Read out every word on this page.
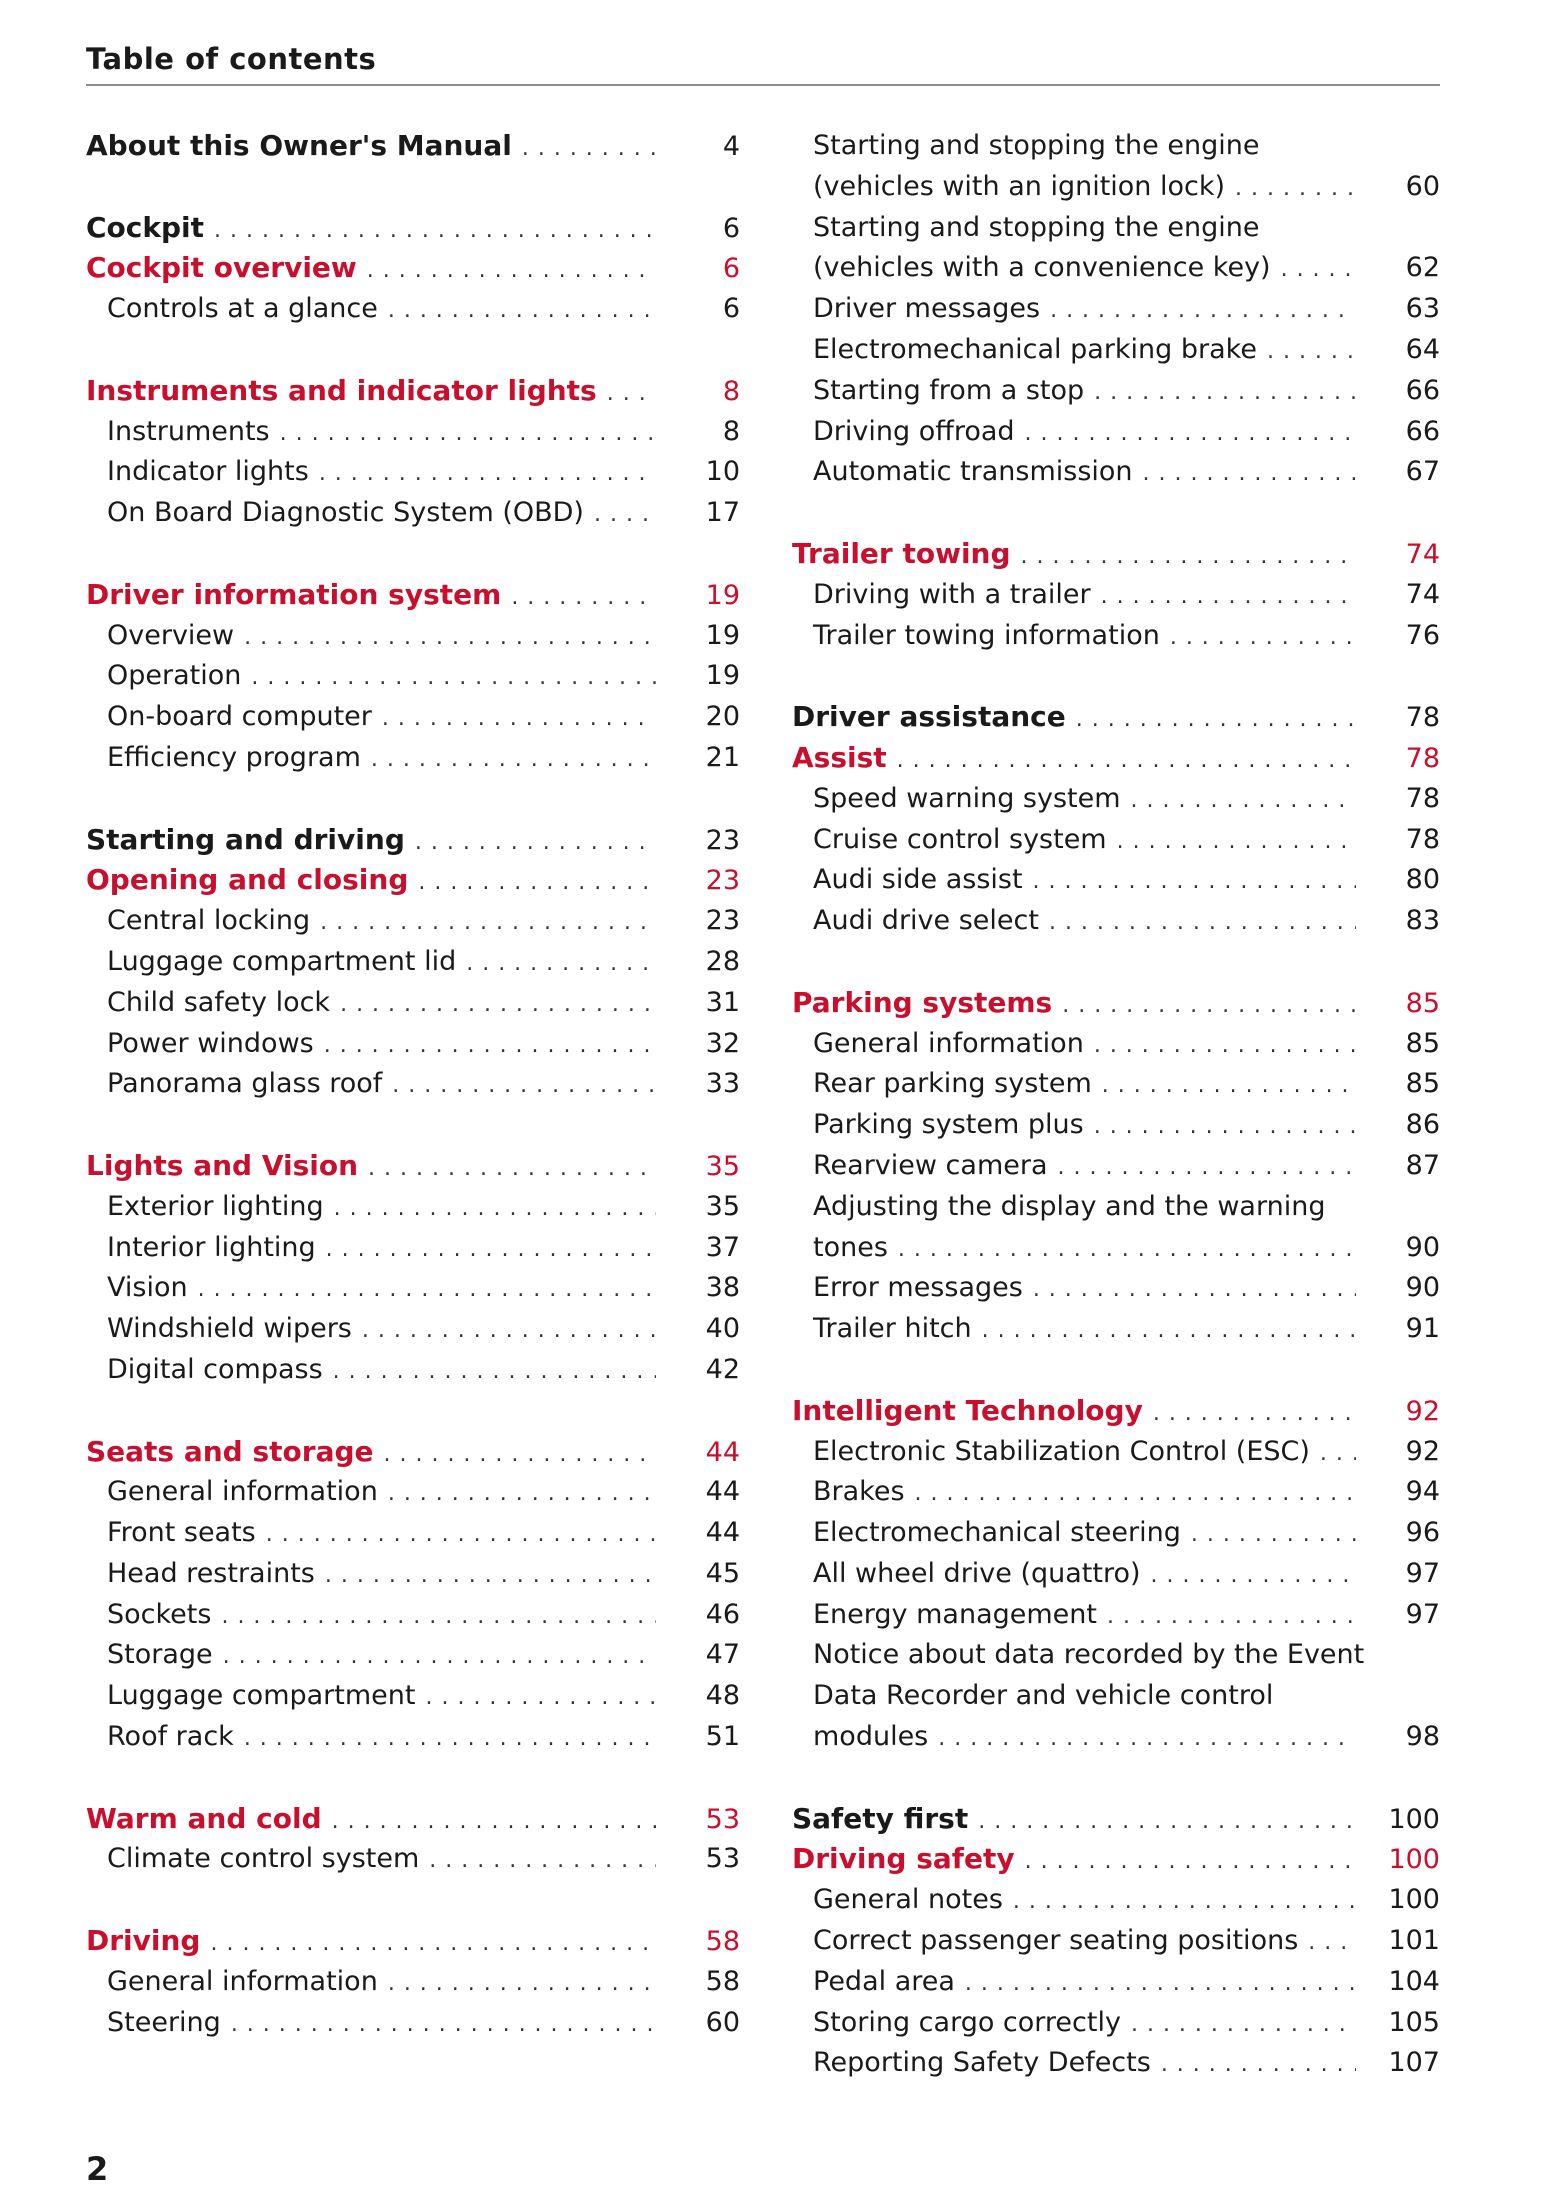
Table of contents
About this Owner's Manual . . .	4
Cockpit . . .	6
Cockpit overview . . .	6
Controls at a glance . . .	6
Instruments and indicator lights . . .	8
Instruments . . .	8
Indicator lights . . .	10
On Board Diagnostic System (OBD) . . .	17
Driver information system . . .	19
Overview . . .	19
Operation . . .	19
On-board computer . . .	20
Efficiency program . . .	21
Starting and driving . . .	23
Opening and closing . . .	23
Central locking . . .	23
Luggage compartment lid . . .	28
Child safety lock . . .	31
Power windows . . .	32
Panorama glass roof . . .	33
Lights and Vision . . .	35
Exterior lighting . . .	35
Interior lighting . . .	37
Vision . . .	38
Windshield wipers . . .	40
Digital compass . . .	42
Seats and storage . . .	44
General information . . .	44
Front seats . . .	44
Head restraints . . .	45
Sockets . . .	46
Storage . . .	47
Luggage compartment . . .	48
Roof rack . . .	51
Warm and cold . . .	53
Climate control system . . .	53
Driving . . .	58
General information . . .	58
Steering . . .	60
Starting and stopping the engine
(vehicles with an ignition lock) . . .	60
Starting and stopping the engine
(vehicles with a convenience key) . . .	62
Driver messages . . .	63
Electromechanical parking brake . . .	64
Starting from a stop . . .	66
Driving offroad . . .	66
Automatic transmission . . .	67
Trailer towing . . .	74
Driving with a trailer . . .	74
Trailer towing information . . .	76
Driver assistance . . .	78
Assist . . .	78
Speed warning system . . .	78
Cruise control system . . .	78
Audi side assist . . .	80
Audi drive select . . .	83
Parking systems . . .	85
General information . . .	85
Rear parking system . . .	85
Parking system plus . . .	86
Rearview camera . . .	87
Adjusting the display and the warning
tones . . .	90
Error messages . . .	90
Trailer hitch . . .	91
Intelligent Technology . . .	92
Electronic Stabilization Control (ESC) . . .	92
Brakes . . .	94
Electromechanical steering . . .	96
All wheel drive (quattro) . . .	97
Energy management . . .	97
Notice about data recorded by the Event
Data Recorder and vehicle control
modules . . .	98
Safety first . . .	100
Driving safety . . .	100
General notes . . .	100
Correct passenger seating positions . . .	101
Pedal area . . .	104
Storing cargo correctly . . .	105
Reporting Safety Defects . . .	107
2
